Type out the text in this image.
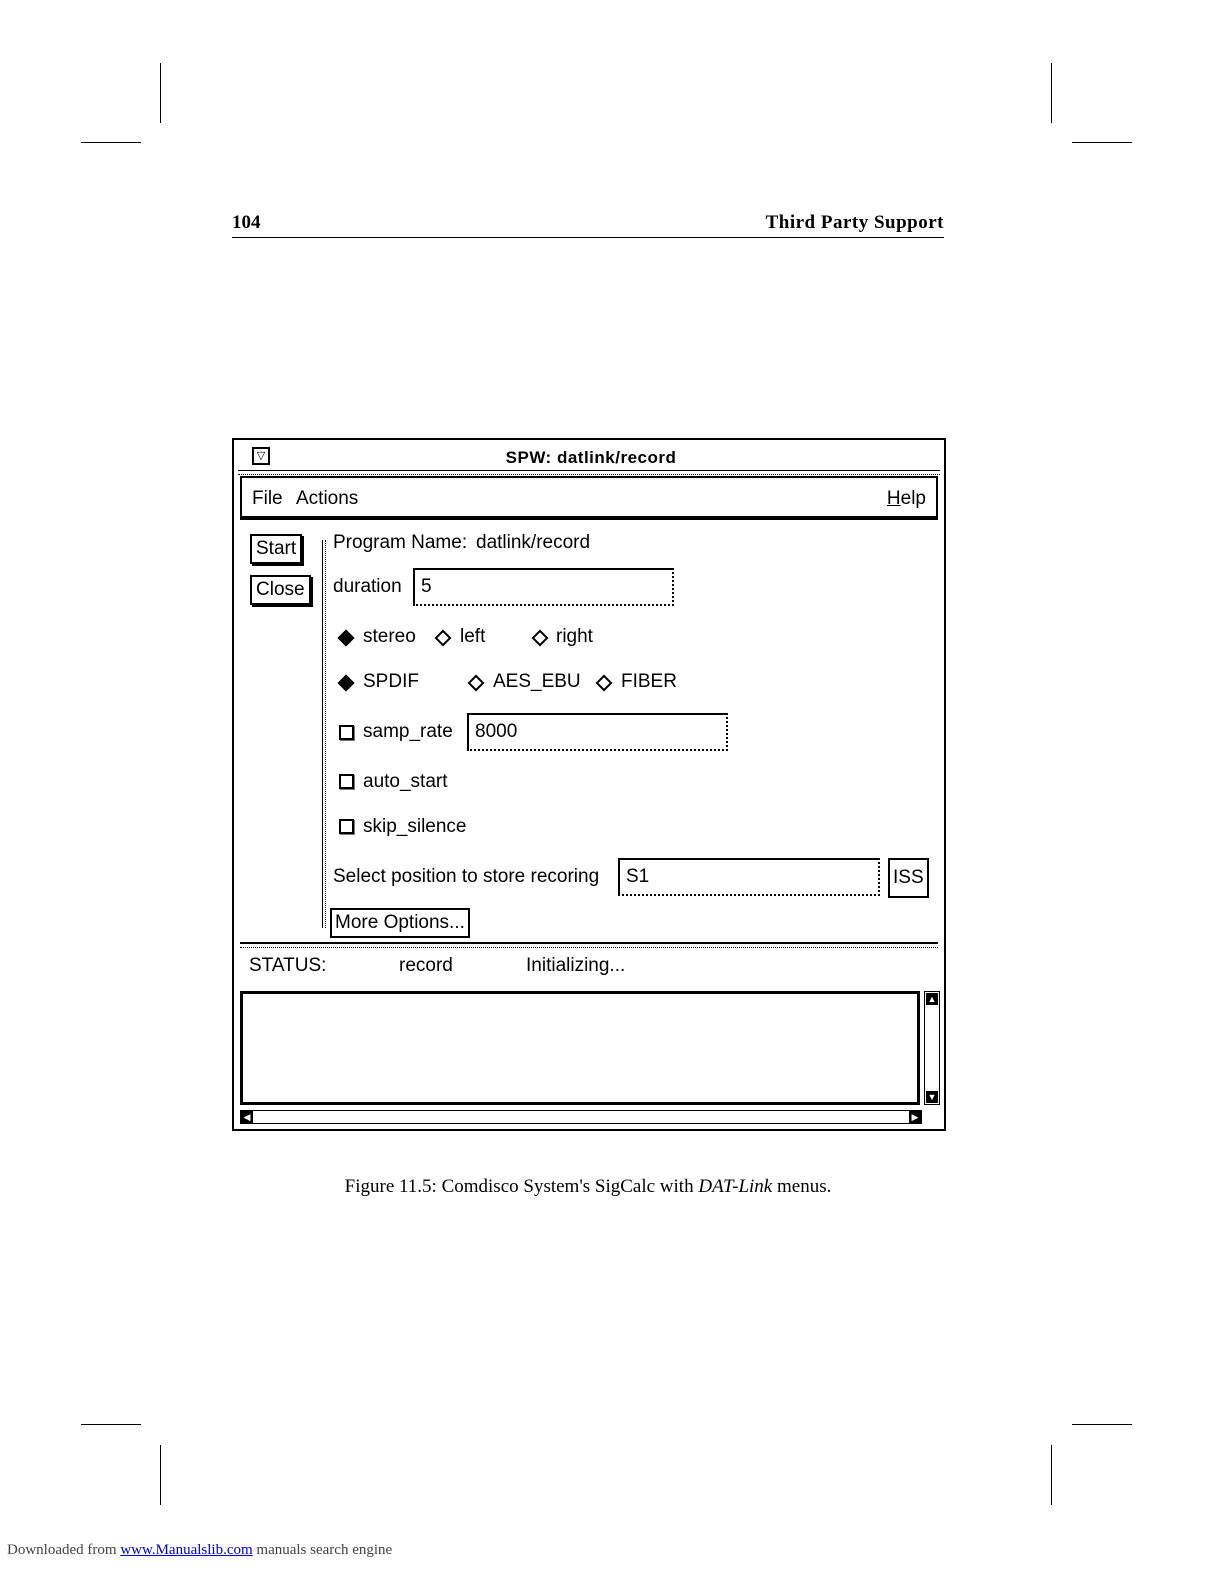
104	Third Party Support
▽	SPW: datlink/record
File Actions	Help
Start
Close
Program Name: datlink/record
duration	5
stereo left	right
SPDIF	AES_EBU FIBER
samp_rate	8000
auto_start
skip_silence
Select position to store recoring	S1	ISS
More Options...
STATUS:	record	Initializing...
▲
▼
◀	▶
Figure 11.5: Comdisco System's SigCalc with DAT-Link menus.
Downloaded from www.Manualslib.com manuals search engine
